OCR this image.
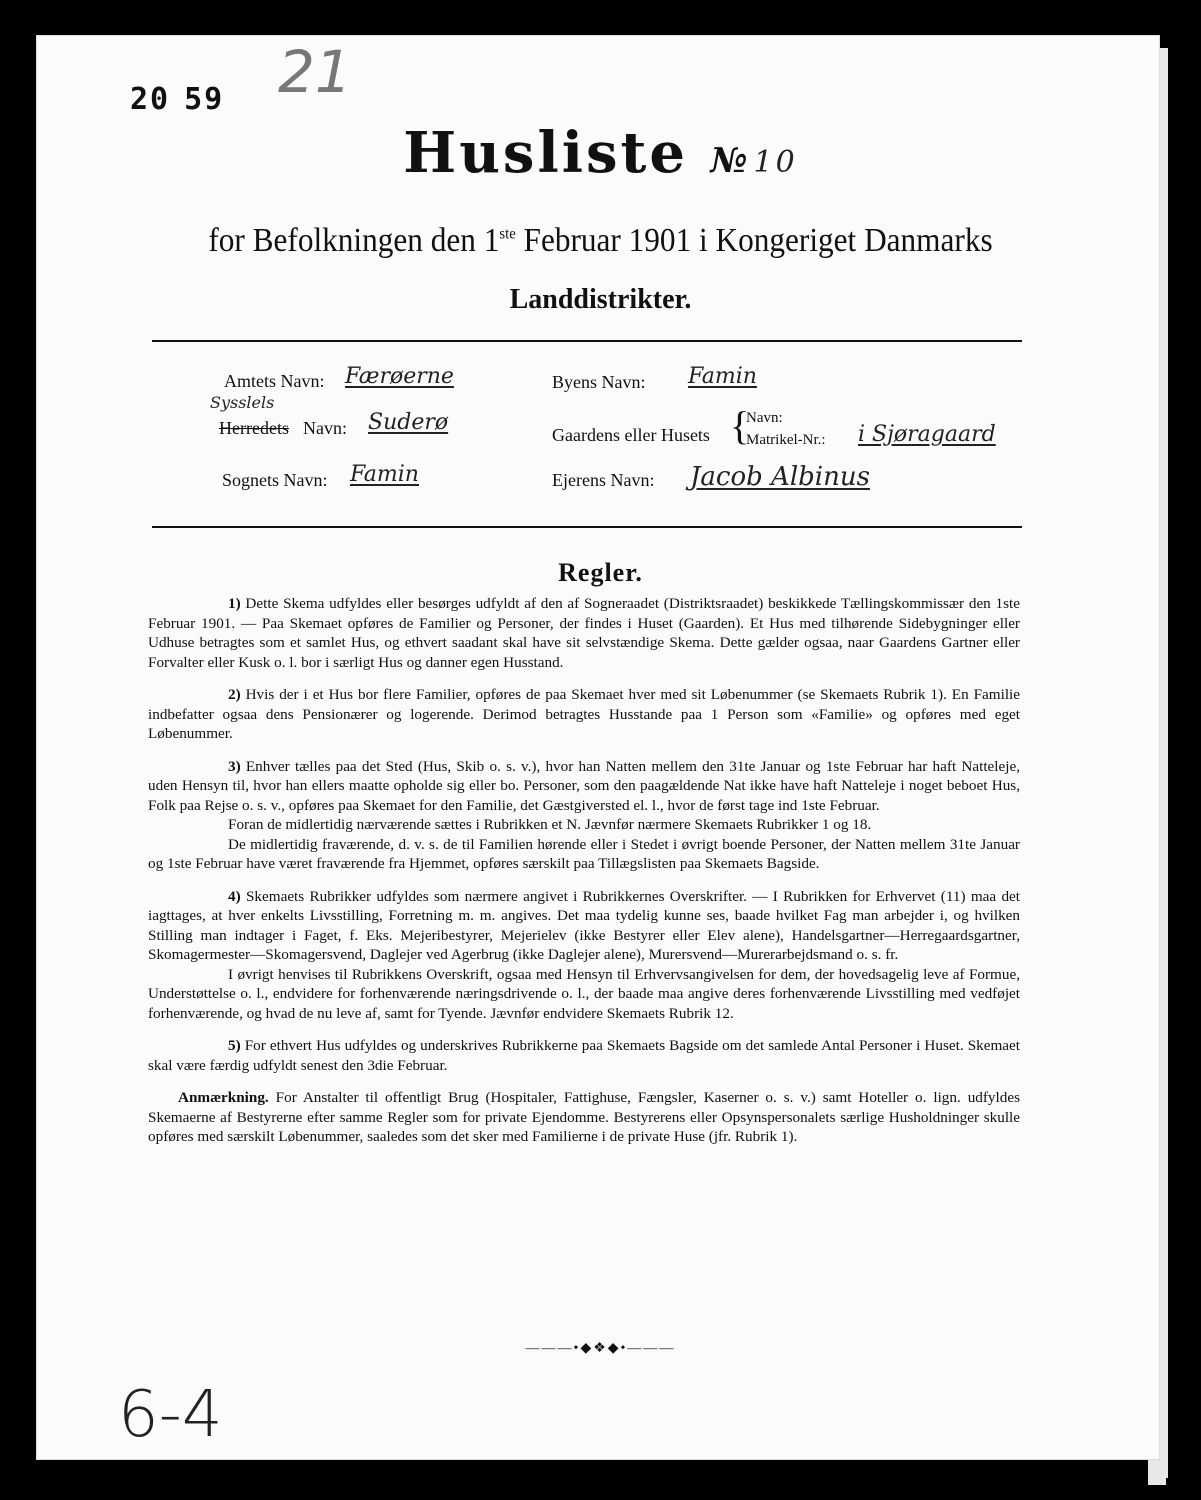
20 59 21
Husliste № 10
for Befolkningen den 1ste Februar 1901 i Kongeriget Danmarks
Landdistrikter.
Amtets Navn: Færøerne
Sysslels
Herredets Navn: Suderø
Sognets Navn: Famin
Byens Navn: Famin
Gaardens eller Husets {
Navn:
Matrikel-Nr.: i Sjøragaard
Ejerens Navn: Jacob Albinus
Regler.

1) Dette Skema udfyldes eller besørges udfyldt af den af Sogneraadet (Distriktsraadet) beskikkede Tællingskommissær den 1ste Februar 1901. — Paa Skemaet opføres de Familier og Personer, der findes i Huset (Gaarden). Et Hus med tilhørende Sidebygninger eller Udhuse betragtes som et samlet Hus, og ethvert saadant skal have sit selvstændige Skema. Dette gælder ogsaa, naar Gaardens Gartner eller Forvalter eller Kusk o. l. bor i særligt Hus og danner egen Husstand.

2) Hvis der i et Hus bor flere Familier, opføres de paa Skemaet hver med sit Løbenummer (se Skemaets Rubrik 1). En Familie indbefatter ogsaa dens Pensionærer og logerende. Derimod betragtes Husstande paa 1 Person som «Familie» og opføres med eget Løbenummer.

3) Enhver tælles paa det Sted (Hus, Skib o. s. v.), hvor han Natten mellem den 31te Januar og 1ste Februar har haft Natteleje, uden Hensyn til, hvor han ellers maatte opholde sig eller bo. Personer, som den paagældende Nat ikke have haft Natteleje i noget beboet Hus, Folk paa Rejse o. s. v., opføres paa Skemaet for den Familie, det Gæstgiversted el. l., hvor de først tage ind 1ste Februar.

Foran de midlertidig nærværende sættes i Rubrikken et N. Jævnfør nærmere Skemaets Rubrikker 1 og 18.

De midlertidig fraværende, d. v. s. de til Familien hørende eller i Stedet i øvrigt boende Personer, der Natten mellem 31te Januar og 1ste Februar have været fraværende fra Hjemmet, opføres særskilt paa Tillægslisten paa Skemaets Bagside.

4) Skemaets Rubrikker udfyldes som nærmere angivet i Rubrikkernes Overskrifter. — I Rubrikken for Erhvervet (11) maa det iagttages, at hver enkelts Livsstilling, Forretning m. m. angives. Det maa tydelig kunne ses, baade hvilket Fag man arbejder i, og hvilken Stilling man indtager i Faget, f. Eks. Mejeribestyrer, Mejerielev (ikke Bestyrer eller Elev alene), Handelsgartner—Herregaardsgartner, Skomagermester—Skomagersvend, Daglejer ved Agerbrug (ikke Daglejer alene), Murersvend—Murerarbejdsmand o. s. fr.

I øvrigt henvises til Rubrikkens Overskrift, ogsaa med Hensyn til Erhvervsangivelsen for dem, der hovedsagelig leve af Formue, Understøttelse o. l., endvidere for forhenværende næringsdrivende o. l., der baade maa angive deres forhenværende Livsstilling med vedføjet forhenværende, og hvad de nu leve af, samt for Tyende. Jævnfør endvidere Skemaets Rubrik 12.

5) For ethvert Hus udfyldes og underskrives Rubrikkerne paa Skemaets Bagside om det samlede Antal Personer i Huset. Skemaet skal være færdig udfyldt senest den 3die Februar.

Anmærkning. For Anstalter til offentligt Brug (Hospitaler, Fattighuse, Fængsler, Kaserner o. s. v.) samt Hoteller o. lign. udfyldes Skemaerne af Bestyrerne efter samme Regler som for private Ejendomme. Bestyrerens eller Opsynspersonalets særlige Husholdninger skulle opføres med særskilt Løbenummer, saaledes som det sker med Familierne i de private Huse (jfr. Rubrik 1).

———•◆❖◆•———
6-4
